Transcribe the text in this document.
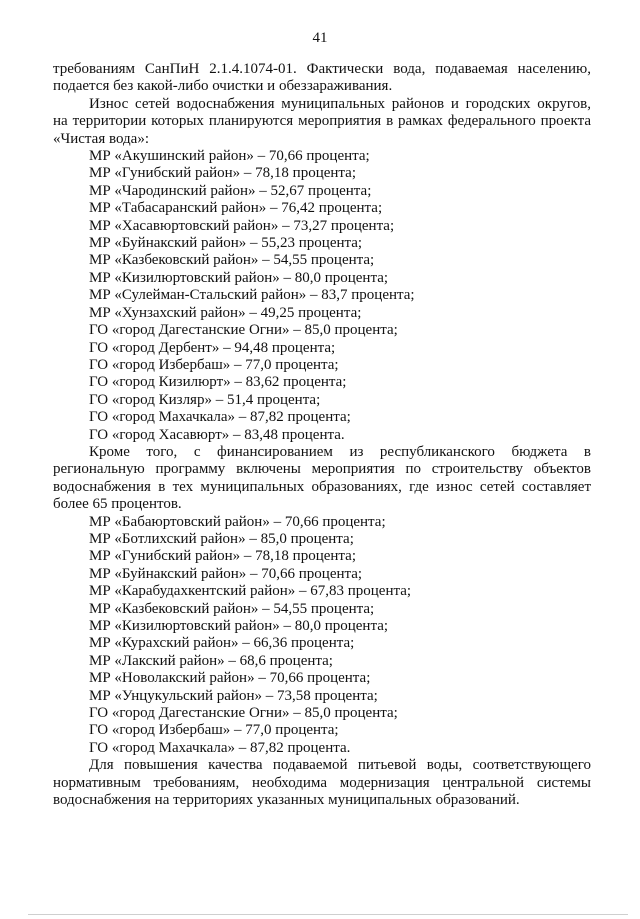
41

требованиям СанПиН 2.1.4.1074-01. Фактически вода, подаваемая населению,

подается без какой-либо очистки и обеззараживания.

Износ сетей водоснабжения муниципальных районов и городских округов,

на территории которых планируются мероприятия в рамках федерального проекта

«Чистая вода»:

МР «Акушинский район» – 70,66 процента;
МР «Гунибский район» – 78,18 процента;
МР «Чародинский район» – 52,67 процента;
МР «Табасаранский район» – 76,42 процента;
МР «Хасавюртовский район» – 73,27 процента;
МР «Буйнакский район» – 55,23 процента;
МР «Казбековский район» – 54,55 процента;
МР «Кизилюртовский район» – 80,0 процента;
МР «Сулейман-Стальский район» – 83,7 процента;
МР «Хунзахский район» – 49,25 процента;
ГО «город Дагестанские Огни» – 85,0 процента;
ГО «город Дербент» – 94,48 процента;
ГО «город Избербаш» – 77,0 процента;
ГО «город Кизилюрт» – 83,62 процента;
ГО «город Кизляр» – 51,4 процента;
ГО «город Махачкала» – 87,82 процента;
ГО «город Хасавюрт» – 83,48 процента.

Кроме того, с финансированием из республиканского бюджета в

региональную программу включены мероприятия по строительству объектов

водоснабжения в тех муниципальных образованиях, где износ сетей составляет

более 65 процентов.

МР «Бабаюртовский район» – 70,66 процента;
МР «Ботлихский район» – 85,0 процента;
МР «Гунибский район» – 78,18 процента;
МР «Буйнакский район» – 70,66 процента;
МР «Карабудахкентский район» – 67,83 процента;
МР «Казбековский район» – 54,55 процента;
МР «Кизилюртовский район» – 80,0 процента;
МР «Курахский район» – 66,36 процента;
МР «Лакский район» – 68,6 процента;
МР «Новолакский район» – 70,66 процента;
МР «Унцукульский район» – 73,58 процента;
ГО «город Дагестанские Огни» – 85,0 процента;
ГО «город Избербаш» – 77,0 процента;
ГО «город Махачкала» – 87,82 процента.

Для повышения качества подаваемой питьевой воды, соответствующего

нормативным требованиям, необходима модернизация центральной системы

водоснабжения на территориях указанных муниципальных образований.
